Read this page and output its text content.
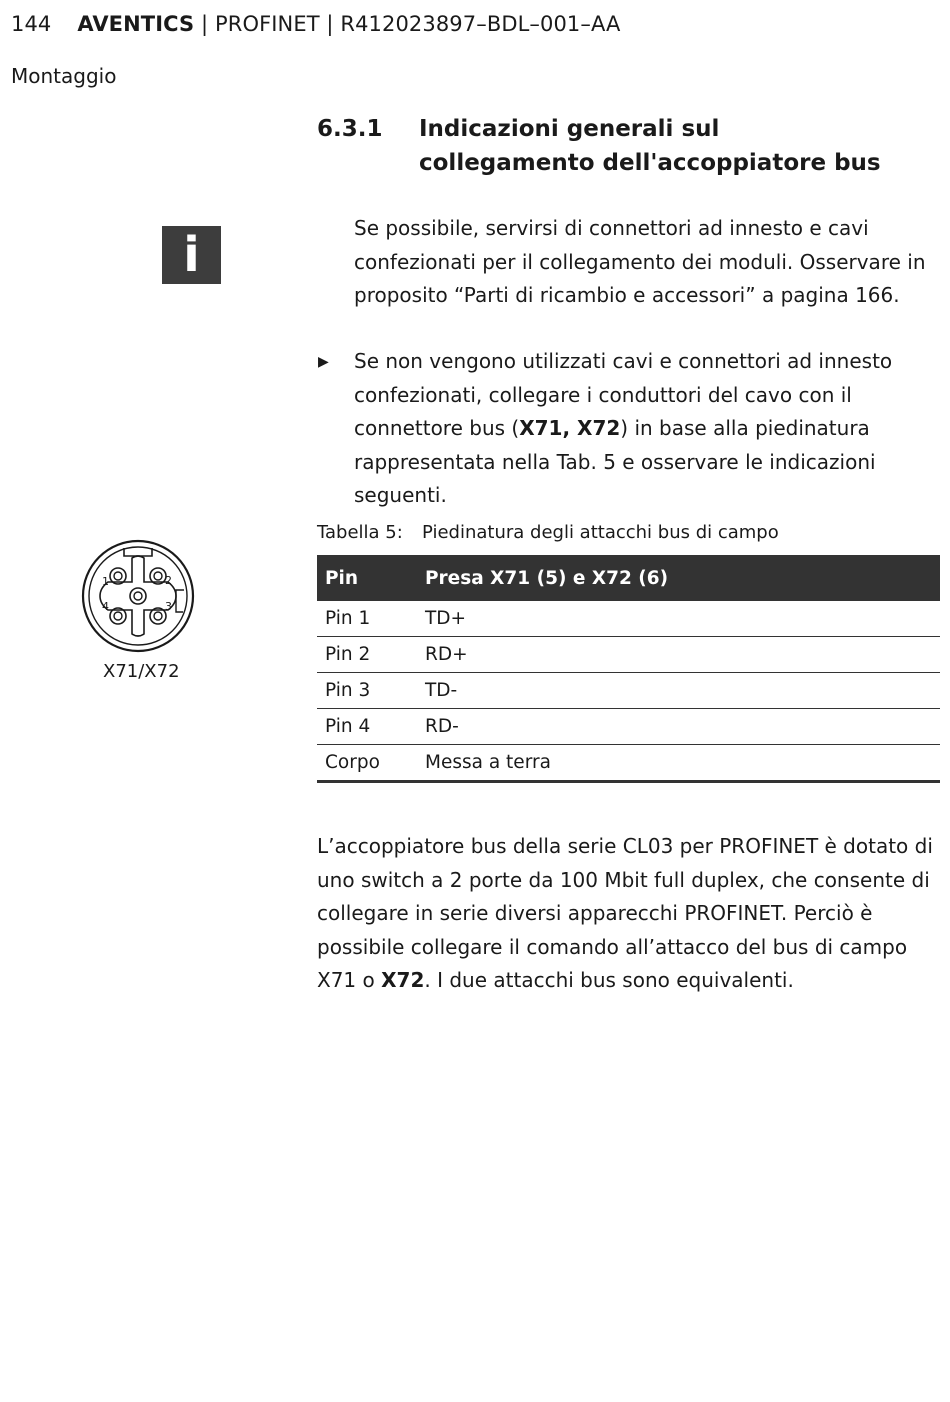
144 AVENTICS | PROFINET | R412023897–BDL–001–AA
Montaggio
6.3.1 Indicazioni generali sul collegamento dell'accoppiatore bus
i	Se possibile, servirsi di connettori ad innesto e cavi confezionati per il collegamento dei moduli. Osservare in proposito “Parti di ricambio e accessori” a pagina 166.
▶ Se non vengono utilizzati cavi e connettori ad innesto confezionati, collegare i conduttori del cavo con il connettore bus (X71, X72) in base alla piedinatura rappresentata nella Tab. 5 e osservare le indicazioni seguenti.
1	2
3
4
X71/X72
Tabella 5: Piedinatura degli attacchi bus di campo
Pin	Presa X71 (5) e X72 (6)
Pin 1	TD+
Pin 2	RD+
Pin 3	TD-
Pin 4	RD-
Corpo	Messa a terra
L’accoppiatore bus della serie CL03 per PROFINET è dotato di uno switch a 2 porte da 100 Mbit full duplex, che consente di collegare in serie diversi apparecchi PROFINET. Perciò è possibile collegare il comando all’attacco del bus di campo X71 o X72. I due attacchi bus sono equivalenti.
